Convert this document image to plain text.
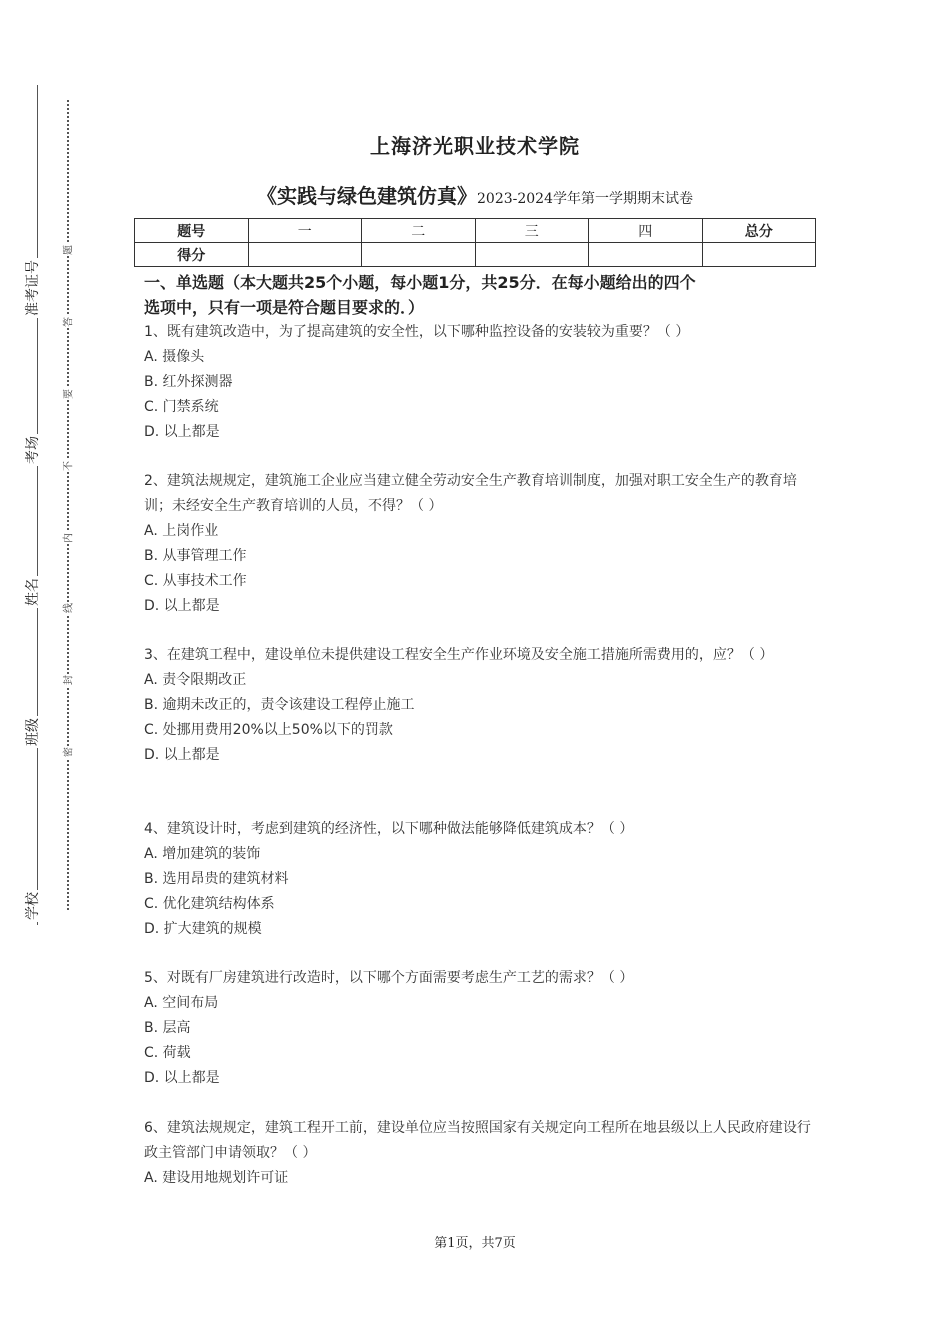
准考证号
考场
姓名
班级
学校
题
答
要
不
内
线
封
密
上海济光职业技术学院
《实践与绿色建筑仿真》2023-2024学年第一学期期末试卷
题号	一	二	三	四	总分
得分					
一、单选题（本大题共25个小题，每小题1分，共25分．在每小题给出的四个
选项中，只有一项是符合题目要求的．）

1、既有建筑改造中，为了提高建筑的安全性，以下哪种监控设备的安装较为重要？（ ）

A. 摄像头

B. 红外探测器

C. 门禁系统

D. 以上都是

2、建筑法规规定，建筑施工企业应当建立健全劳动安全生产教育培训制度，加强对职工安全生产的教育培训；未经安全生产教育培训的人员，不得？（ ）

A. 上岗作业

B. 从事管理工作

C. 从事技术工作

D. 以上都是

3、在建筑工程中，建设单位未提供建设工程安全生产作业环境及安全施工措施所需费用的，应？（ ）

A. 责令限期改正

B. 逾期未改正的，责令该建设工程停止施工

C. 处挪用费用20%以上50%以下的罚款

D. 以上都是

4、建筑设计时，考虑到建筑的经济性，以下哪种做法能够降低建筑成本？（ ）

A. 增加建筑的装饰

B. 选用昂贵的建筑材料

C. 优化建筑结构体系

D. 扩大建筑的规模

5、对既有厂房建筑进行改造时，以下哪个方面需要考虑生产工艺的需求？（ ）

A. 空间布局

B. 层高

C. 荷载

D. 以上都是

6、建筑法规规定，建筑工程开工前，建设单位应当按照国家有关规定向工程所在地县级以上人民政府建设行政主管部门申请领取？（ ）

A. 建设用地规划许可证

第1页，共7页
